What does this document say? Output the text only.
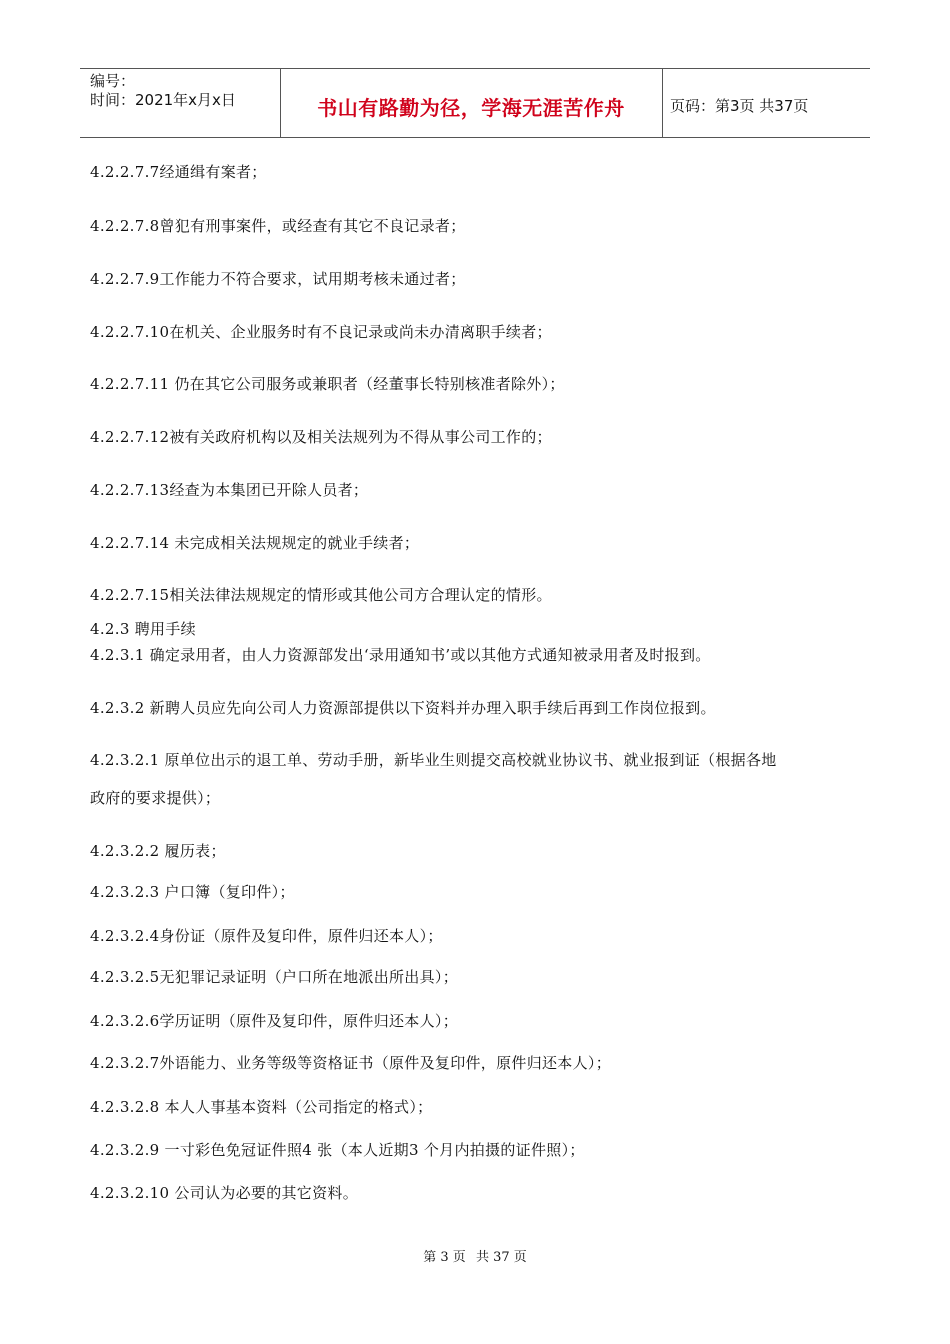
编号：
时间：2021年x月x日	书山有路勤为径，学海无涯苦作舟	页码：第3页 共37页
4.2.2.7.7经通缉有案者；
4.2.2.7.8曾犯有刑事案件，或经查有其它不良记录者；
4.2.2.7.9工作能力不符合要求，试用期考核未通过者；
4.2.2.7.10在机关、企业服务时有不良记录或尚未办清离职手续者；
4.2.2.7.11 仍在其它公司服务或兼职者（经董事长特别核准者除外）；
4.2.2.7.12被有关政府机构以及相关法规列为不得从事公司工作的；
4.2.2.7.13经查为本集团已开除人员者；
4.2.2.7.14 未完成相关法规规定的就业手续者；
4.2.2.7.15相关法律法规规定的情形或其他公司方合理认定的情形。
4.2.3 聘用手续
4.2.3.1 确定录用者，由人力资源部发出‘录用通知书’或以其他方式通知被录用者及时报到。
4.2.3.2 新聘人员应先向公司人力资源部提供以下资料并办理入职手续后再到工作岗位报到。
4.2.3.2.1 原单位出示的退工单、劳动手册，新毕业生则提交高校就业协议书、就业报到证（根据各地
政府的要求提供）；
4.2.3.2.2 履历表；
4.2.3.2.3 户口簿（复印件）；
4.2.3.2.4身份证（原件及复印件，原件归还本人）；
4.2.3.2.5无犯罪记录证明（户口所在地派出所出具）；
4.2.3.2.6学历证明（原件及复印件，原件归还本人）；
4.2.3.2.7外语能力、业务等级等资格证书（原件及复印件，原件归还本人）；
4.2.3.2.8 本人人事基本资料（公司指定的格式）；
4.2.3.2.9 一寸彩色免冠证件照4 张（本人近期3 个月内拍摄的证件照）；
4.2.3.2.10 公司认为必要的其它资料。
第 3 页 共 37 页
